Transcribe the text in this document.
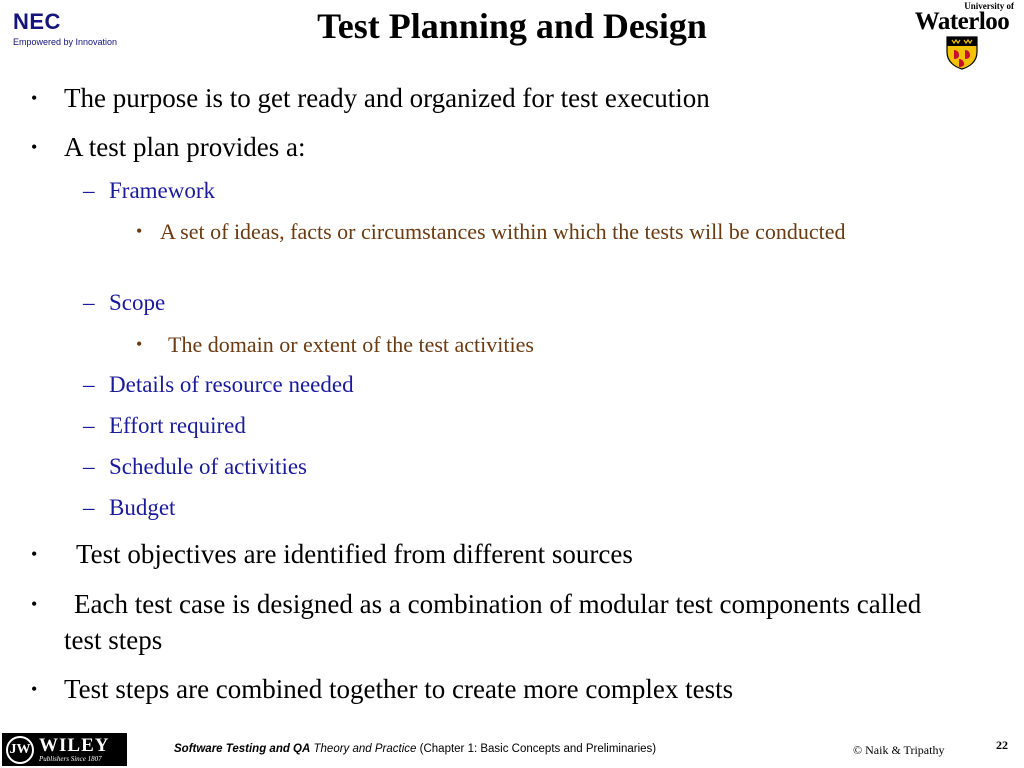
NEC
Empowered by Innovation	Test Planning and Design	University of
Waterloo
• The purpose is to get ready and organized for test execution
• A test plan provides a:
– Framework
• A set of ideas, facts or circumstances within which the tests will be conducted
– Scope
• The domain or extent of the test activities
– Details of resource needed
– Effort required
– Schedule of activities
– Budget
• Test objectives are identified from different sources
• Each test case is designed as a combination of modular test components called test steps
• Test steps are combined together to create more complex tests
JW WILEY
Publishers Since 1807
Software Testing and QA Theory and Practice (Chapter 1: Basic Concepts and Preliminaries)	© Naik & Tripathy	22
